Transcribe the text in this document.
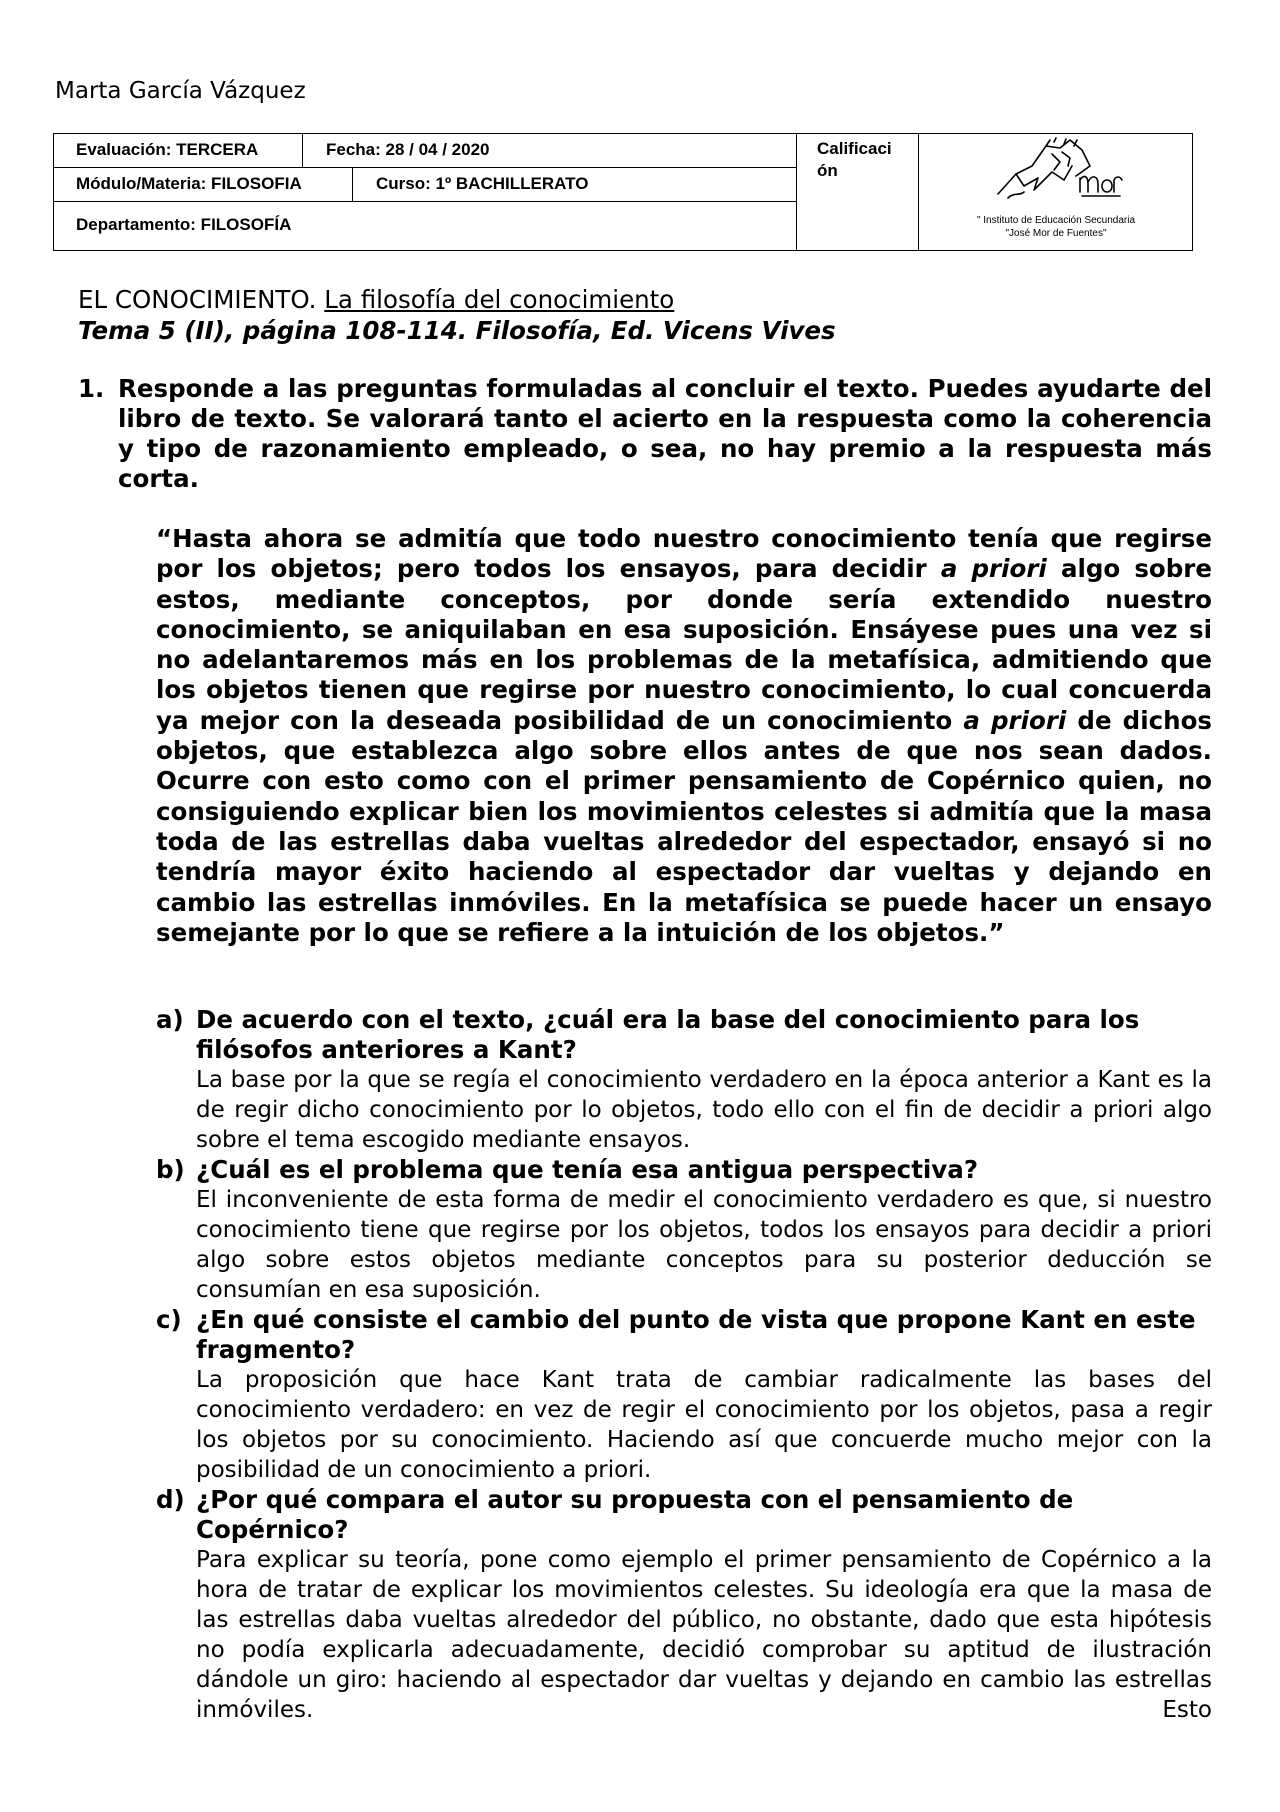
Marta García Vázquez
Evaluación: TERCERA	Fecha: 28 / 04 / 2020
Módulo/Materia: FILOSOFIA	Curso: 1º BACHILLERATO
Departamento: FILOSOFÍA
Calificaci ón
" Instituto de Educación Secundaria
"José Mor de Fuentes"
EL CONOCIMIENTO. La filosofía del conocimiento
Tema 5 (II), página 108-114. Filosofía, Ed. Vicens Vives
1. Responde a las preguntas formuladas al concluir el texto. Puedes ayudarte del libro de texto. Se valorará tanto el acierto en la respuesta como la coherencia y tipo de razonamiento empleado, o sea, no hay premio a la respuesta más corta.
“Hasta ahora se admitía que todo nuestro conocimiento tenía que regirse por los objetos; pero todos los ensayos, para decidir a priori algo sobre estos, mediante conceptos, por donde sería extendido nuestro conocimiento, se aniquilaban en esa suposición. Ensáyese pues una vez si no adelantaremos más en los problemas de la metafísica, admitiendo que los objetos tienen que regirse por nuestro conocimiento, lo cual concuerda ya mejor con la deseada posibilidad de un conocimiento a priori de dichos objetos, que establezca algo sobre ellos antes de que nos sean dados. Ocurre con esto como con el primer pensamiento de Copérnico quien, no consiguiendo explicar bien los movimientos celestes si admitía que la masa toda de las estrellas daba vueltas alrededor del espectador, ensayó si no tendría mayor éxito haciendo al espectador dar vueltas y dejando en cambio las estrellas inmóviles. En la metafísica se puede hacer un ensayo semejante por lo que se refiere a la intuición de los objetos.”
a) De acuerdo con el texto, ¿cuál era la base del conocimiento para los filósofos anteriores a Kant?
La base por la que se regía el conocimiento verdadero en la época anterior a Kant es la de regir dicho conocimiento por lo objetos, todo ello con el fin de decidir a priori algo sobre el tema escogido mediante ensayos.
b) ¿Cuál es el problema que tenía esa antigua perspectiva?
El inconveniente de esta forma de medir el conocimiento verdadero es que, si nuestro conocimiento tiene que regirse por los objetos, todos los ensayos para decidir a priori algo sobre estos objetos mediante conceptos para su posterior deducción se consumían en esa suposición.
c) ¿En qué consiste el cambio del punto de vista que propone Kant en este fragmento?
La proposición que hace Kant trata de cambiar radicalmente las bases del conocimiento verdadero: en vez de regir el conocimiento por los objetos, pasa a regir los objetos por su conocimiento. Haciendo así que concuerde mucho mejor con la posibilidad de un conocimiento a priori.
d) ¿Por qué compara el autor su propuesta con el pensamiento de Copérnico?
Para explicar su teoría, pone como ejemplo el primer pensamiento de Copérnico a la hora de tratar de explicar los movimientos celestes. Su ideología era que la masa de las estrellas daba vueltas alrededor del público, no obstante, dado que esta hipótesis no podía explicarla adecuadamente, decidió comprobar su aptitud de ilustración dándole un giro: haciendo al espectador dar vueltas y dejando en cambio las estrellas inmóviles. Esto
